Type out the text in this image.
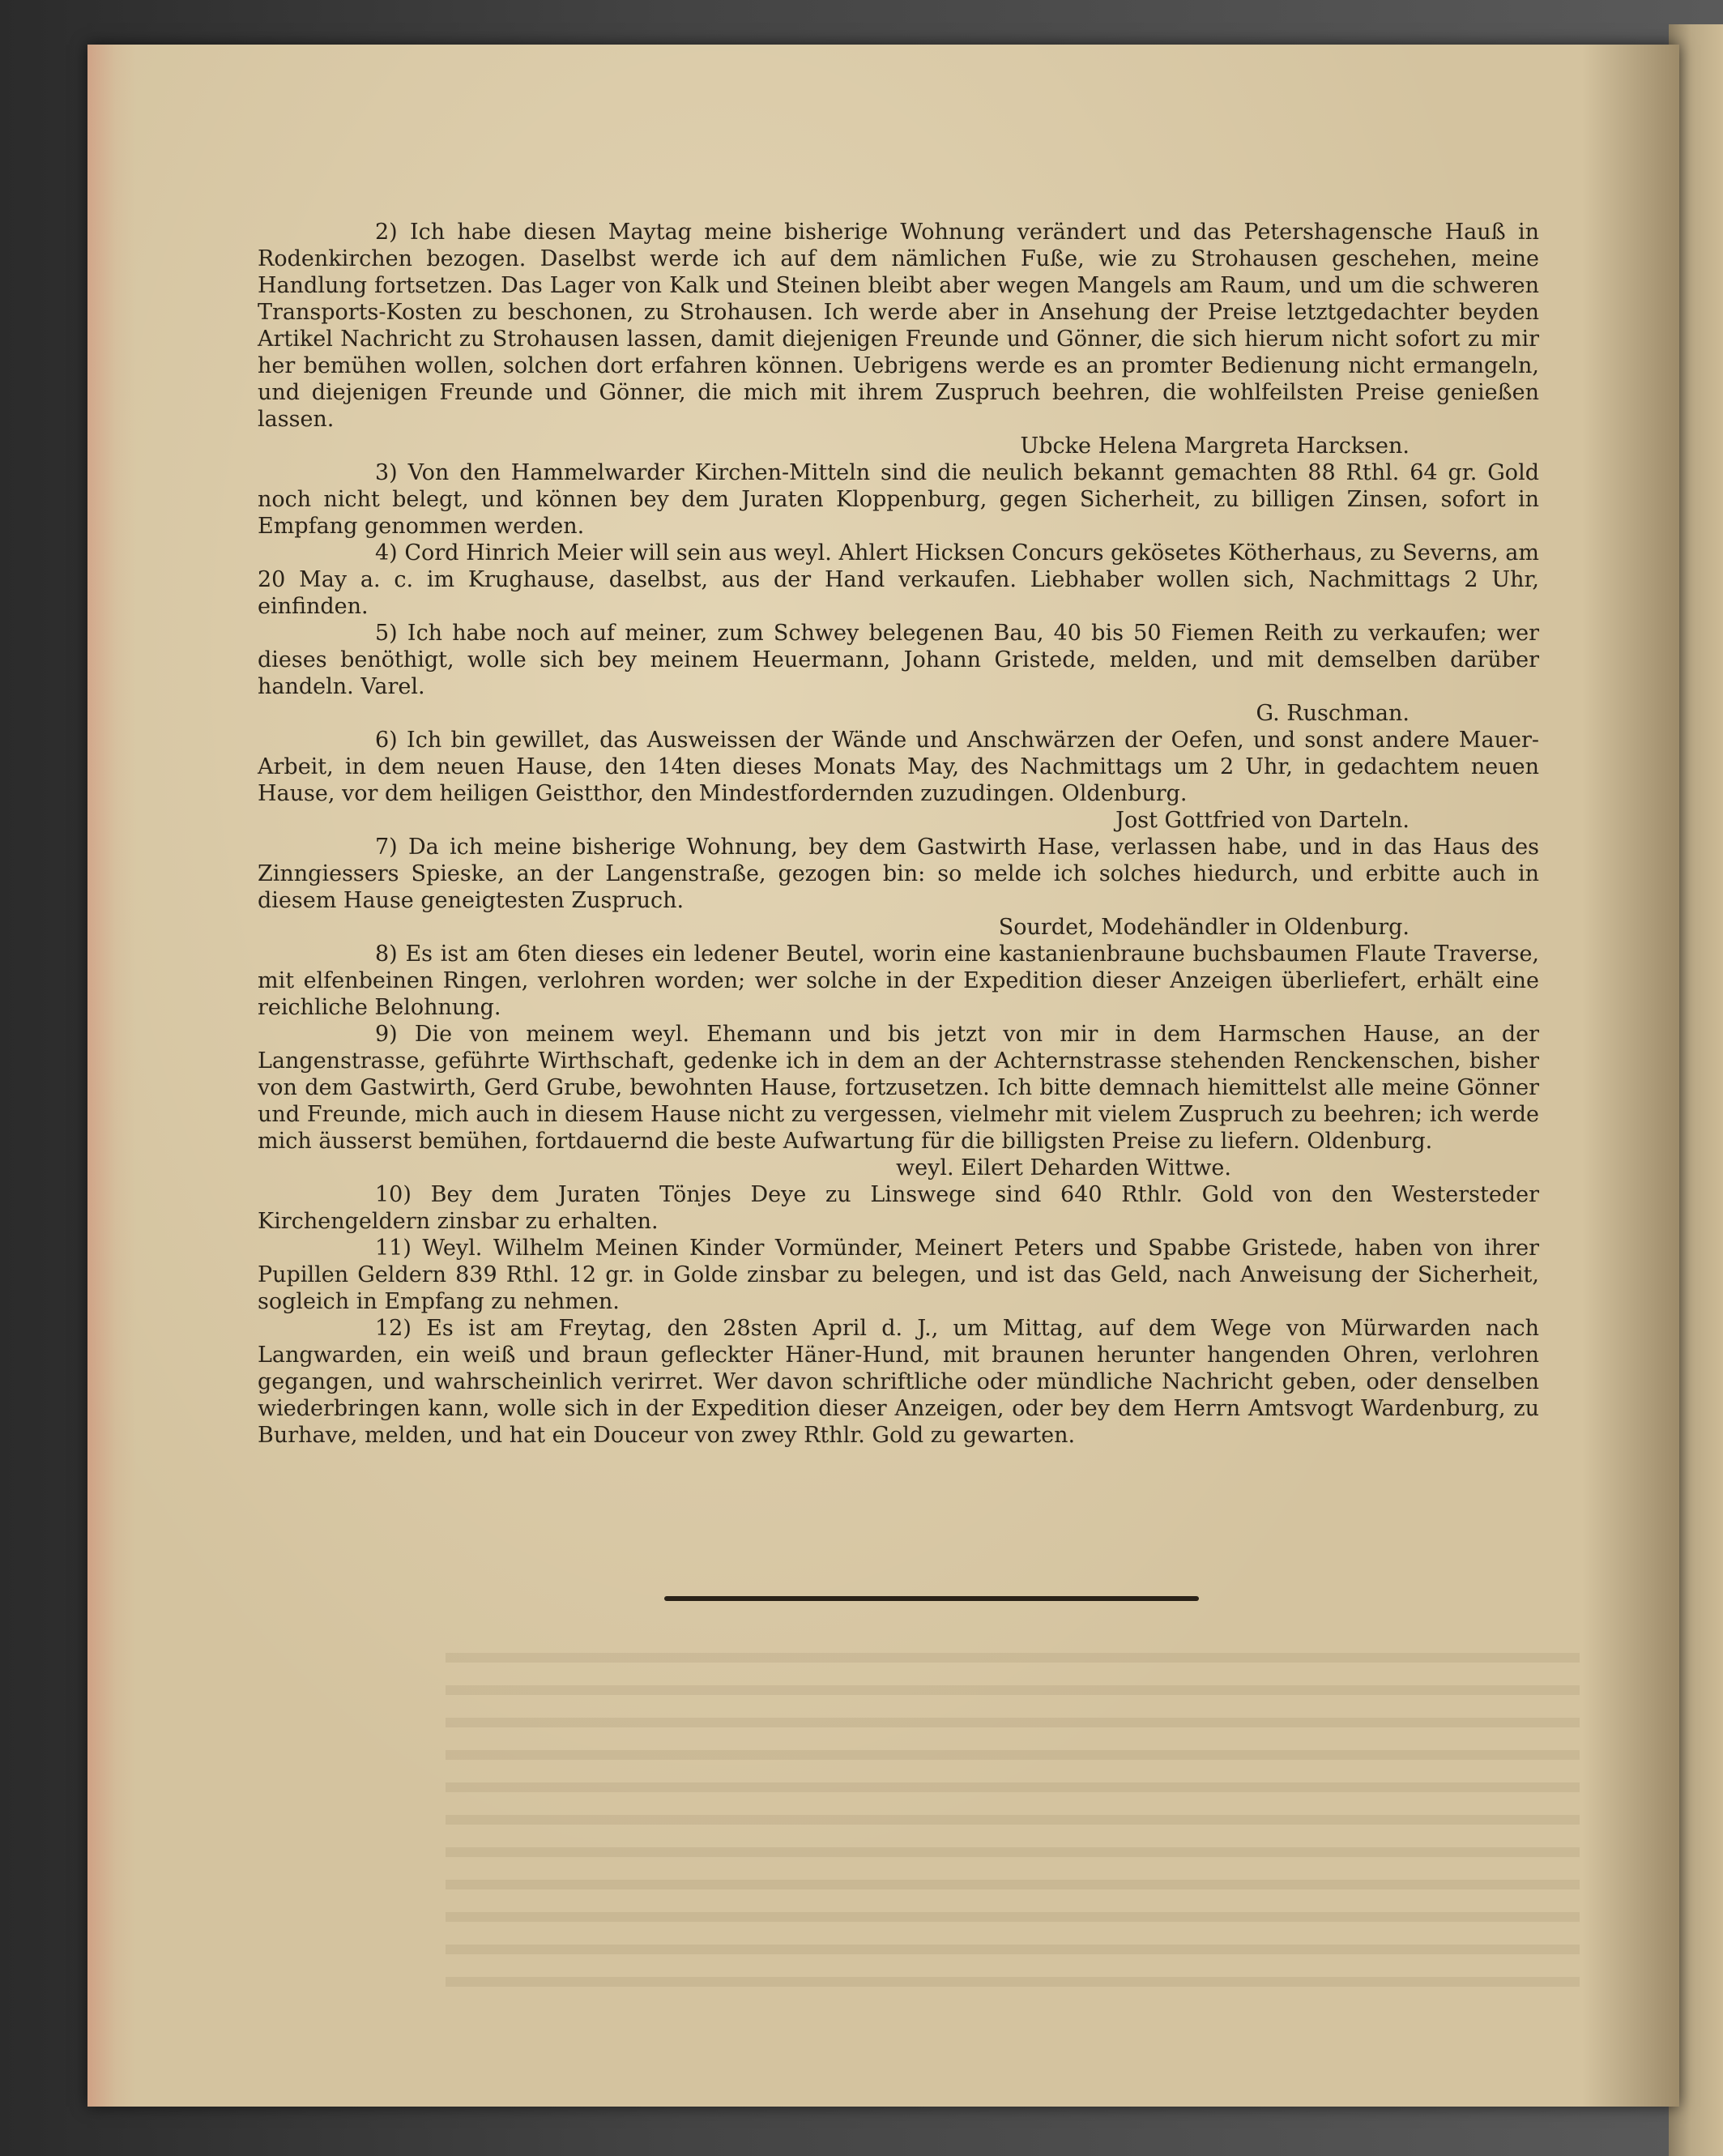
2) Ich habe diesen Maytag meine bisherige Wohnung verändert und das Petershagensche Hauß in Rodenkirchen bezogen. Daselbst werde ich auf dem nämlichen Fuße, wie zu Strohausen geschehen, meine Handlung fortsetzen. Das Lager von Kalk und Steinen bleibt aber wegen Mangels am Raum, und um die schweren Transports-Kosten zu beschonen, zu Strohausen. Ich werde aber in Ansehung der Preise letztgedachter beyden Artikel Nachricht zu Strohausen lassen, damit diejenigen Freunde und Gönner, die sich hierum nicht sofort zu mir her bemühen wollen, solchen dort erfahren können. Uebrigens werde es an promter Bedienung nicht ermangeln, und diejenigen Freunde und Gönner, die mich mit ihrem Zuspruch beehren, die wohlfeilsten Preise genießen lassen.

Ubcke Helena Margreta Harcksen.

3) Von den Hammelwarder Kirchen-Mitteln sind die neulich bekannt gemachten 88 Rthl. 64 gr. Gold noch nicht belegt, und können bey dem Juraten Kloppenburg, gegen Sicherheit, zu billigen Zinsen, sofort in Empfang genommen werden.

4) Cord Hinrich Meier will sein aus weyl. Ahlert Hicksen Concurs gekösetes Kötherhaus, zu Severns, am 20 May a. c. im Krughause, daselbst, aus der Hand verkaufen. Liebhaber wollen sich, Nachmittags 2 Uhr, einfinden.

5) Ich habe noch auf meiner, zum Schwey belegenen Bau, 40 bis 50 Fiemen Reith zu verkaufen; wer dieses benöthigt, wolle sich bey meinem Heuermann, Johann Gristede, melden, und mit demselben darüber handeln. Varel.

G. Ruschman.

6) Ich bin gewillet, das Ausweissen der Wände und Anschwärzen der Oefen, und sonst andere Mauer-Arbeit, in dem neuen Hause, den 14ten dieses Monats May, des Nachmittags um 2 Uhr, in gedachtem neuen Hause, vor dem heiligen Geistthor, den Mindestfordernden zuzudingen. Oldenburg.

Jost Gottfried von Darteln.

7) Da ich meine bisherige Wohnung, bey dem Gastwirth Hase, verlassen habe, und in das Haus des Zinngiessers Spieske, an der Langenstraße, gezogen bin: so melde ich solches hiedurch, und erbitte auch in diesem Hause geneigtesten Zuspruch.

Sourdet, Modehändler in Oldenburg.

8) Es ist am 6ten dieses ein ledener Beutel, worin eine kastanienbraune buchsbaumen Flaute Traverse, mit elfenbeinen Ringen, verlohren worden; wer solche in der Expedition dieser Anzeigen überliefert, erhält eine reichliche Belohnung.

9) Die von meinem weyl. Ehemann und bis jetzt von mir in dem Harmschen Hause, an der Langenstrasse, geführte Wirthschaft, gedenke ich in dem an der Achternstrasse stehenden Renckenschen, bisher von dem Gastwirth, Gerd Grube, bewohnten Hause, fortzusetzen. Ich bitte demnach hiemittelst alle meine Gönner und Freunde, mich auch in diesem Hause nicht zu vergessen, vielmehr mit vielem Zuspruch zu beehren; ich werde mich äusserst bemühen, fortdauernd die beste Aufwartung für die billigsten Preise zu liefern. Oldenburg.

weyl. Eilert Deharden Wittwe.

10) Bey dem Juraten Tönjes Deye zu Linswege sind 640 Rthlr. Gold von den Westerstеder Kirchengeldern zinsbar zu erhalten.

11) Weyl. Wilhelm Meinen Kinder Vormünder, Meinert Peters und Spabbe Gristede, haben von ihrer Pupillen Geldern 839 Rthl. 12 gr. in Golde zinsbar zu belegen, und ist das Geld, nach Anweisung der Sicherheit, sogleich in Empfang zu nehmen.

12) Es ist am Freytag, den 28sten April d. J., um Mittag, auf dem Wege von Mürwarden nach Langwarden, ein weiß und braun gefleckter Häner-Hund, mit braunen herunter hangenden Ohren, verlohren gegangen, und wahrscheinlich verirret. Wer davon schriftliche oder mündliche Nachricht geben, oder denselben wiederbringen kann, wolle sich in der Expedition dieser Anzeigen, oder bey dem Herrn Amtsvogt Wardenburg, zu Burhave, melden, und hat ein Douceur von zwey Rthlr. Gold zu gewarten.
